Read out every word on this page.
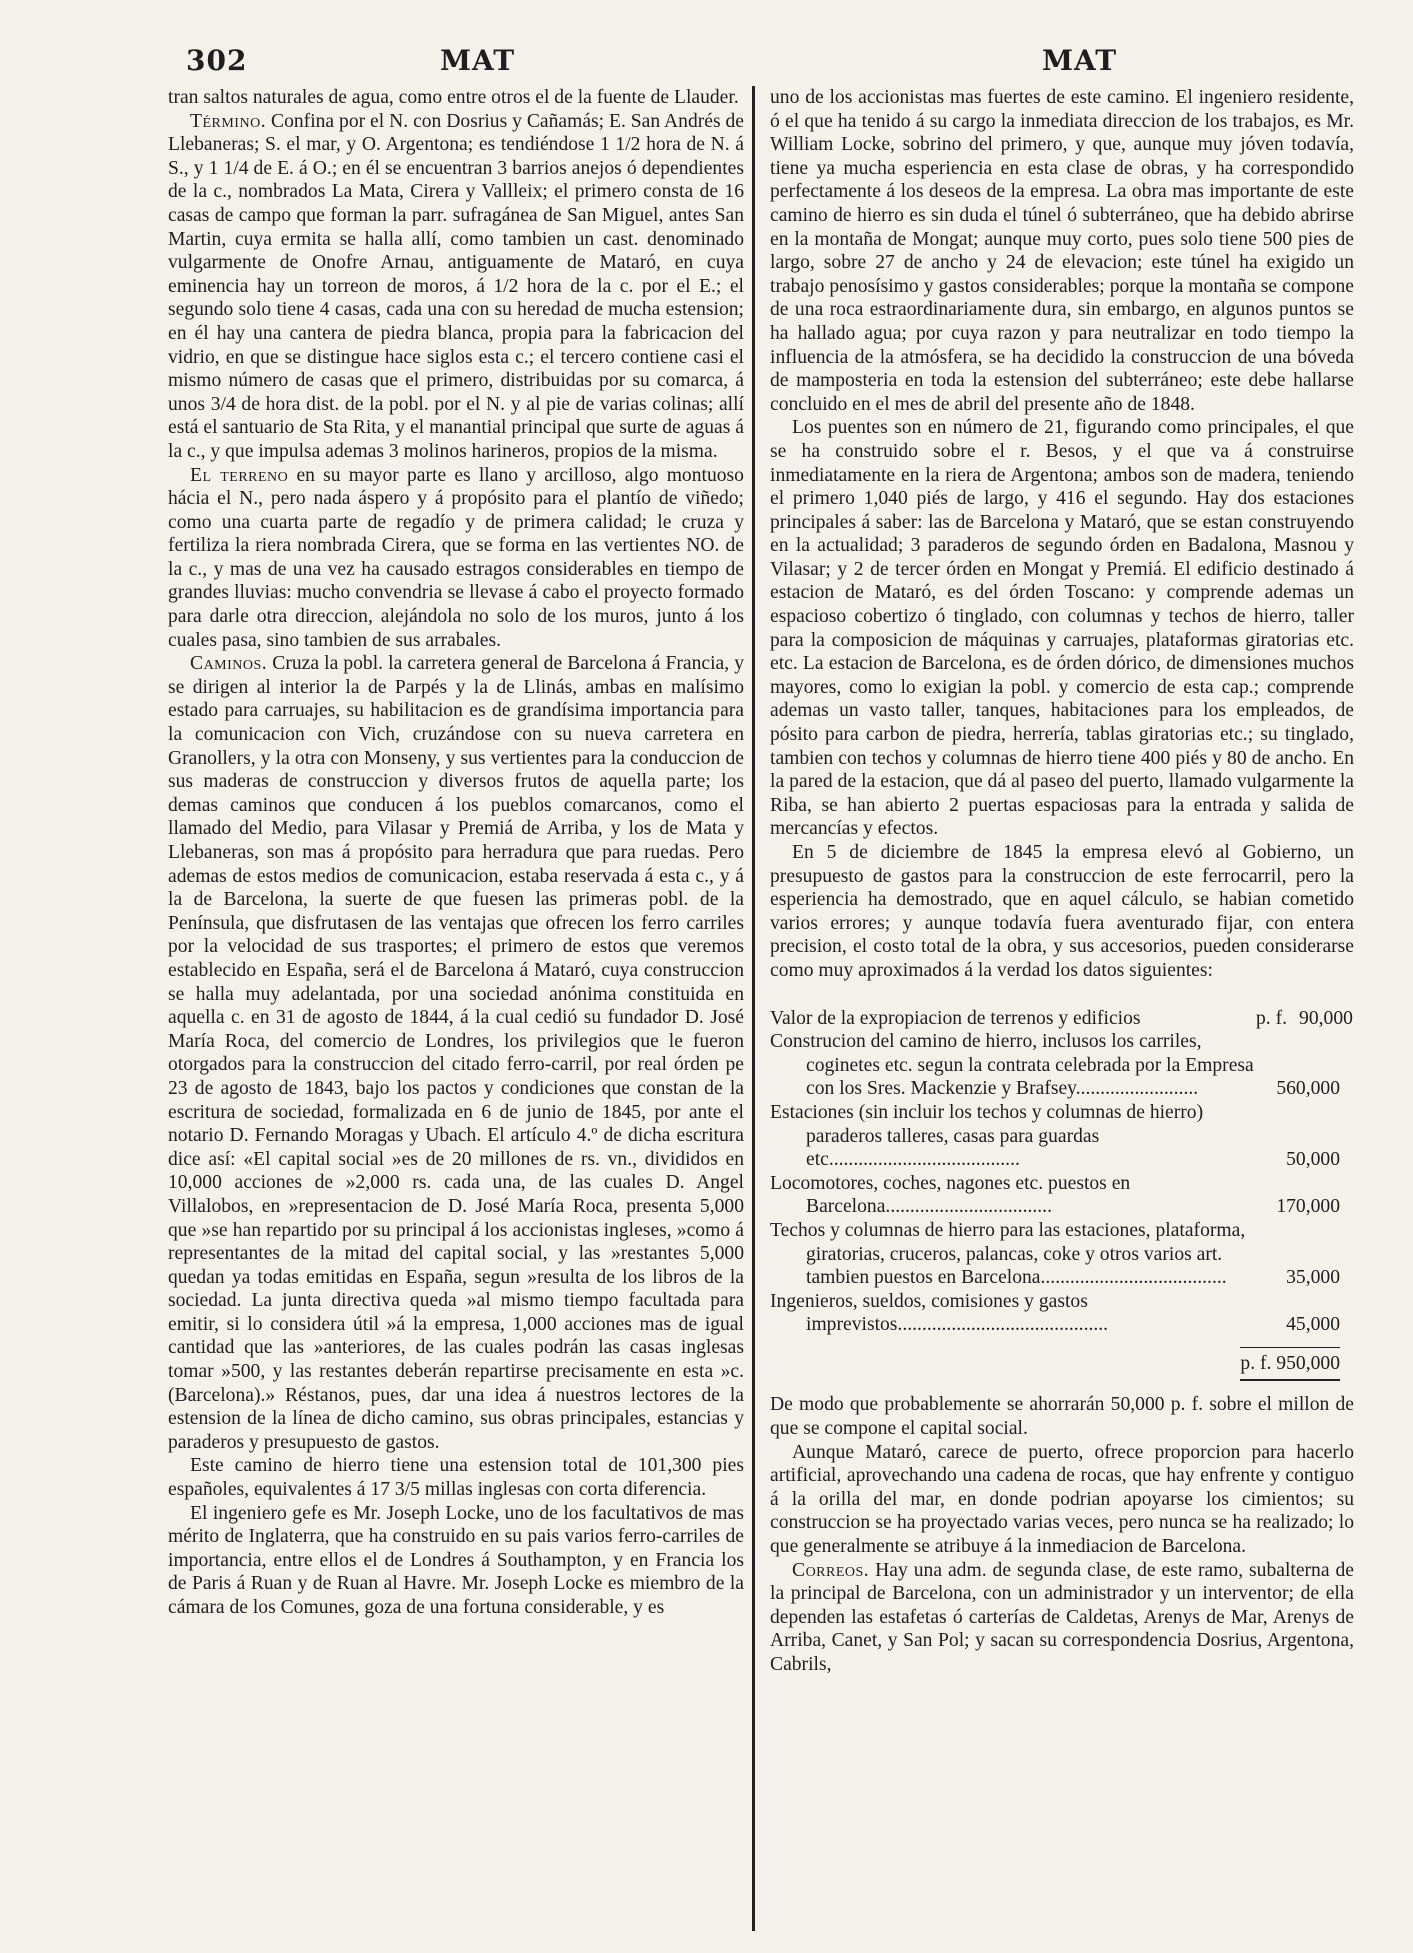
302	MAT	MAT

tran saltos naturales de agua, como entre otros el de la fuente de Llauder.

Término. Confina por el N. con Dosrius y Cañamás; E. San Andrés de Llebaneras; S. el mar, y O. Argentona; es tendiéndose 1 1/2 hora de N. á S., y 1 1/4 de E. á O.; en él se encuentran 3 barrios anejos ó dependientes de la c., nombrados La Mata, Cirera y Vallleix; el primero consta de 16 casas de campo que forman la parr. sufragánea de San Miguel, antes San Martin, cuya ermita se halla allí, como tambien un cast. denominado vulgarmente de Onofre Arnau, antiguamente de Mataró, en cuya eminencia hay un torreon de moros, á 1/2 hora de la c. por el E.; el segundo solo tiene 4 casas, cada una con su heredad de mucha estension; en él hay una cantera de piedra blanca, propia para la fabricacion del vidrio, en que se distingue hace siglos esta c.; el tercero contiene casi el mismo número de casas que el primero, distribuidas por su comarca, á unos 3/4 de hora dist. de la pobl. por el N. y al pie de varias colinas; allí está el santuario de Sta Rita, y el manantial principal que surte de aguas á la c., y que impulsa ademas 3 molinos harineros, propios de la misma.

El terreno en su mayor parte es llano y arcilloso, algo montuoso hácia el N., pero nada áspero y á propósito para el plantío de viñedo; como una cuarta parte de regadío y de primera calidad; le cruza y fertiliza la riera nombrada Cirera, que se forma en las vertientes NO. de la c., y mas de una vez ha causado estragos considerables en tiempo de grandes lluvias: mucho convendria se llevase á cabo el proyecto formado para darle otra direccion, alejándola no solo de los muros, junto á los cuales pasa, sino tambien de sus arrabales.

Caminos. Cruza la pobl. la carretera general de Barcelona á Francia, y se dirigen al interior la de Parpés y la de Llinás, ambas en malísimo estado para carruajes, su habilitacion es de grandísima importancia para la comunicacion con Vich, cruzándose con su nueva carretera en Granollers, y la otra con Monseny, y sus vertientes para la conduccion de sus maderas de construccion y diversos frutos de aquella parte; los demas caminos que conducen á los pueblos comarcanos, como el llamado del Medio, para Vilasar y Premiá de Arriba, y los de Mata y Llebaneras, son mas á propósito para herradura que para ruedas. Pero ademas de estos medios de comunicacion, estaba reservada á esta c., y á la de Barcelona, la suerte de que fuesen las primeras pobl. de la Península, que disfrutasen de las ventajas que ofrecen los ferro carriles por la velocidad de sus trasportes; el primero de estos que veremos establecido en España, será el de Barcelona á Mataró, cuya construccion se halla muy adelantada, por una sociedad anónima constituida en aquella c. en 31 de agosto de 1844, á la cual cedió su fundador D. José María Roca, del comercio de Londres, los privilegios que le fueron otorgados para la construccion del citado ferro-carril, por real órden pe 23 de agosto de 1843, bajo los pactos y condiciones que constan de la escritura de sociedad, formalizada en 6 de junio de 1845, por ante el notario D. Fernando Moragas y Ubach. El artículo 4.º de dicha escritura dice así: «El capital social »es de 20 millones de rs. vn., divididos en 10,000 acciones de »2,000 rs. cada una, de las cuales D. Angel Villalobos, en »representacion de D. José María Roca, presenta 5,000 que »se han repartido por su principal á los accionistas ingleses, »como á representantes de la mitad del capital social, y las »restantes 5,000 quedan ya todas emitidas en España, segun »resulta de los libros de la sociedad. La junta directiva queda »al mismo tiempo facultada para emitir, si lo considera útil »á la empresa, 1,000 acciones mas de igual cantidad que las »anteriores, de las cuales podrán las casas inglesas tomar »500, y las restantes deberán repartirse precisamente en esta »c. (Barcelona).» Réstanos, pues, dar una idea á nuestros lectores de la estension de la línea de dicho camino, sus obras principales, estancias y paraderos y presupuesto de gastos.

Este camino de hierro tiene una estension total de 101,300 pies españoles, equivalentes á 17 3/5 millas inglesas con corta diferencia.

El ingeniero gefe es Mr. Joseph Locke, uno de los facultativos de mas mérito de Inglaterra, que ha construido en su pais varios ferro-carriles de importancia, entre ellos el de Londres á Southampton, y en Francia los de Paris á Ruan y de Ruan al Havre. Mr. Joseph Locke es miembro de la cámara de los Comunes, goza de una fortuna considerable, y es

uno de los accionistas mas fuertes de este camino. El ingeniero residente, ó el que ha tenido á su cargo la inmediata direccion de los trabajos, es Mr. William Locke, sobrino del primero, y que, aunque muy jóven todavía, tiene ya mucha esperiencia en esta clase de obras, y ha correspondido perfectamente á los deseos de la empresa. La obra mas importante de este camino de hierro es sin duda el túnel ó subterráneo, que ha debido abrirse en la montaña de Mongat; aunque muy corto, pues solo tiene 500 pies de largo, sobre 27 de ancho y 24 de elevacion; este túnel ha exigido un trabajo penosísimo y gastos considerables; porque la montaña se compone de una roca estraordinariamente dura, sin embargo, en algunos puntos se ha hallado agua; por cuya razon y para neutralizar en todo tiempo la influencia de la atmósfera, se ha decidido la construccion de una bóveda de mamposteria en toda la estension del subterráneo; este debe hallarse concluido en el mes de abril del presente año de 1848.

Los puentes son en número de 21, figurando como principales, el que se ha construido sobre el r. Besos, y el que va á construirse inmediatamente en la riera de Argentona; ambos son de madera, teniendo el primero 1,040 piés de largo, y 416 el segundo. Hay dos estaciones principales á saber: las de Barcelona y Mataró, que se estan construyendo en la actualidad; 3 paraderos de segundo órden en Badalona, Masnou y Vilasar; y 2 de tercer órden en Mongat y Premiá. El edificio destinado á estacion de Mataró, es del órden Toscano: y comprende ademas un espacioso cobertizo ó tinglado, con columnas y techos de hierro, taller para la composicion de máquinas y carruajes, plataformas giratorias etc. etc. La estacion de Barcelona, es de órden dórico, de dimensiones muchos mayores, como lo exigian la pobl. y comercio de esta cap.; comprende ademas un vasto taller, tanques, habitaciones para los empleados, de pósito para carbon de piedra, herrería, tablas giratorias etc.; su tinglado, tambien con techos y columnas de hierro tiene 400 piés y 80 de ancho. En la pared de la estacion, que dá al paseo del puerto, llamado vulgarmente la Riba, se han abierto 2 puertas espaciosas para la entrada y salida de mercancías y efectos.

En 5 de diciembre de 1845 la empresa elevó al Gobierno, un presupuesto de gastos para la construccion de este ferrocarril, pero la esperiencia ha demostrado, que en aquel cálculo, se habian cometido varios errores; y aunque todavía fuera aventurado fijar, con entera precision, el costo total de la obra, y sus accesorios, pueden considerarse como muy aproximados á la verdad los datos siguientes:

Valor de la expropiacion de terrenos y edificios	p. f. 90,000
Construcion del camino de hierro, inclusos los carriles, coginetes etc. segun la contrata celebrada por la Empresa con los Sres. Mackenzie y Brafsey.........................	560,000
Estaciones (sin incluir los techos y columnas de hierro) paraderos talleres, casas para guardas etc.......................................	50,000
Locomotores, coches, nagones etc. puestos en Barcelona..................................	170,000
Techos y columnas de hierro para las estaciones, plataforma, giratorias, cruceros, palancas, coke y otros varios art. tambien puestos en Barcelona......................................	35,000
Ingenieros, sueldos, comisiones y gastos imprevistos...........................................	45,000
p. f. 950,000

De modo que probablemente se ahorrarán 50,000 p. f. sobre el millon de que se compone el capital social.

Aunque Mataró, carece de puerto, ofrece proporcion para hacerlo artificial, aprovechando una cadena de rocas, que hay enfrente y contiguo á la orilla del mar, en donde podrian apoyarse los cimientos; su construccion se ha proyectado varias veces, pero nunca se ha realizado; lo que generalmente se atribuye á la inmediacion de Barcelona.

Correos. Hay una adm. de segunda clase, de este ramo, subalterna de la principal de Barcelona, con un administrador y un interventor; de ella dependen las estafetas ó carterías de Caldetas, Arenys de Mar, Arenys de Arriba, Canet, y San Pol; y sacan su correspondencia Dosrius, Argentona, Cabrils,
